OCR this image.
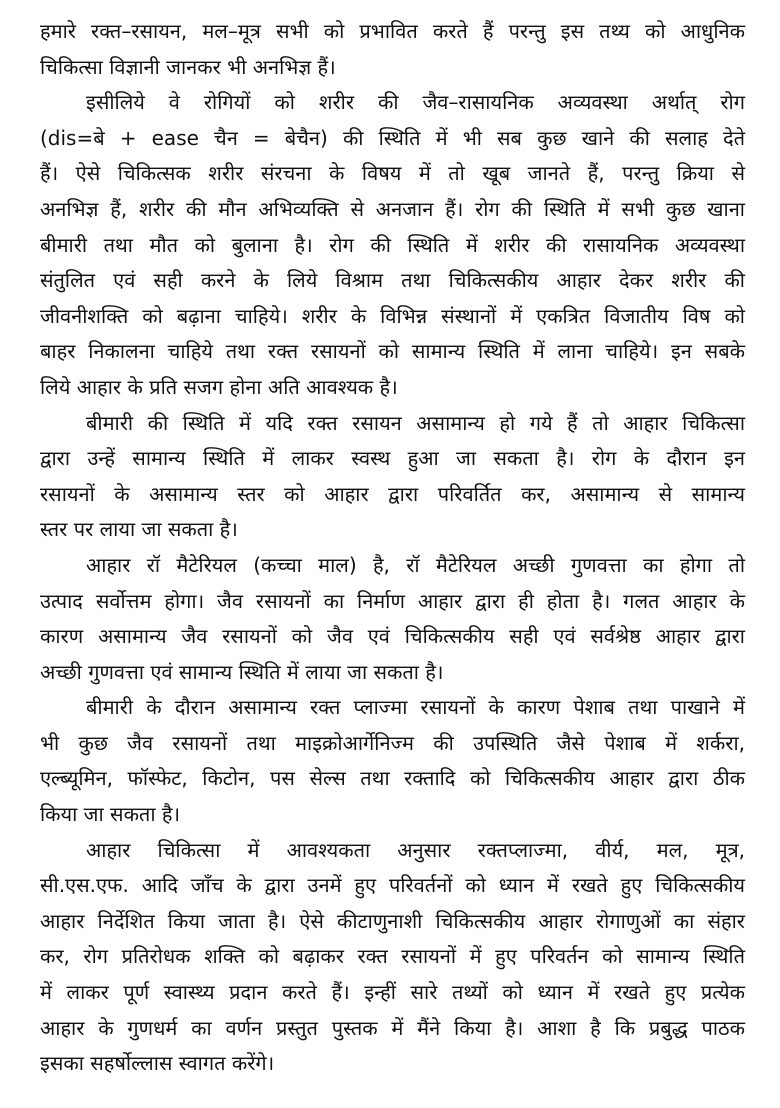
हमारे रक्त–रसायन, मल–मूत्र सभी को प्रभावित करते हैं परन्तु इस तथ्य को आधुनिक
चिकित्सा विज्ञानी जानकर भी अनभिज्ञ हैं।
इसीलिये वे रोगियों को शरीर की जैव–रासायनिक अव्यवस्था अर्थात् रोग
(dis=बे + ease चैन = बेचैन) की स्थिति में भी सब कुछ खाने की सलाह देते
हैं। ऐसे चिकित्सक शरीर संरचना के विषय में तो खूब जानते हैं, परन्तु क्रिया से
अनभिज्ञ हैं, शरीर की मौन अभिव्यक्ति से अनजान हैं। रोग की स्थिति में सभी कुछ खाना
बीमारी तथा मौत को बुलाना है। रोग की स्थिति में शरीर की रासायनिक अव्यवस्था
संतुलित एवं सही करने के लिये विश्राम तथा चिकित्सकीय आहार देकर शरीर की
जीवनीशक्ति को बढ़ाना चाहिये। शरीर के विभिन्न संस्थानों में एकत्रित विजातीय विष को
बाहर निकालना चाहिये तथा रक्त रसायनों को सामान्य स्थिति में लाना चाहिये। इन सबके
लिये आहार के प्रति सजग होना अति आवश्यक है।
बीमारी की स्थिति में यदि रक्त रसायन असामान्य हो गये हैं तो आहार चिकित्सा
द्वारा उन्हें सामान्य स्थिति में लाकर स्वस्थ हुआ जा सकता है। रोग के दौरान इन
रसायनों के असामान्य स्तर को आहार द्वारा परिवर्तित कर, असामान्य से सामान्य
स्तर पर लाया जा सकता है।
आहार रॉ मैटेरियल (कच्चा माल) है, रॉ मैटेरियल अच्छी गुणवत्ता का होगा तो
उत्पाद सर्वोत्तम होगा। जैव रसायनों का निर्माण आहार द्वारा ही होता है। गलत आहार के
कारण असामान्य जैव रसायनों को जैव एवं चिकित्सकीय सही एवं सर्वश्रेष्ठ आहार द्वारा
अच्छी गुणवत्ता एवं सामान्य स्थिति में लाया जा सकता है।
बीमारी के दौरान असामान्य रक्त प्लाज्मा रसायनों के कारण पेशाब तथा पाखाने में
भी कुछ जैव रसायनों तथा माइक्रोआर्गेनिज्म की उपस्थिति जैसे पेशाब में शर्करा,
एल्ब्यूमिन, फॉस्फेट, किटोन, पस सेल्स तथा रक्तादि को चिकित्सकीय आहार द्वारा ठीक
किया जा सकता है।
आहार चिकित्सा में आवश्यकता अनुसार रक्तप्लाज्मा, वीर्य, मल, मूत्र,
सी.एस.एफ. आदि जाँच के द्वारा उनमें हुए परिवर्तनों को ध्यान में रखते हुए चिकित्सकीय
आहार निर्देशित किया जाता है। ऐसे कीटाणुनाशी चिकित्सकीय आहार रोगाणुओं का संहार
कर, रोग प्रतिरोधक शक्ति को बढ़ाकर रक्त रसायनों में हुए परिवर्तन को सामान्य स्थिति
में लाकर पूर्ण स्वास्थ्य प्रदान करते हैं। इन्हीं सारे तथ्यों को ध्यान में रखते हुए प्रत्येक
आहार के गुणधर्म का वर्णन प्रस्तुत पुस्तक में मैंने किया है। आशा है कि प्रबुद्ध पाठक
इसका सहर्षोल्लास स्वागत करेंगे।
